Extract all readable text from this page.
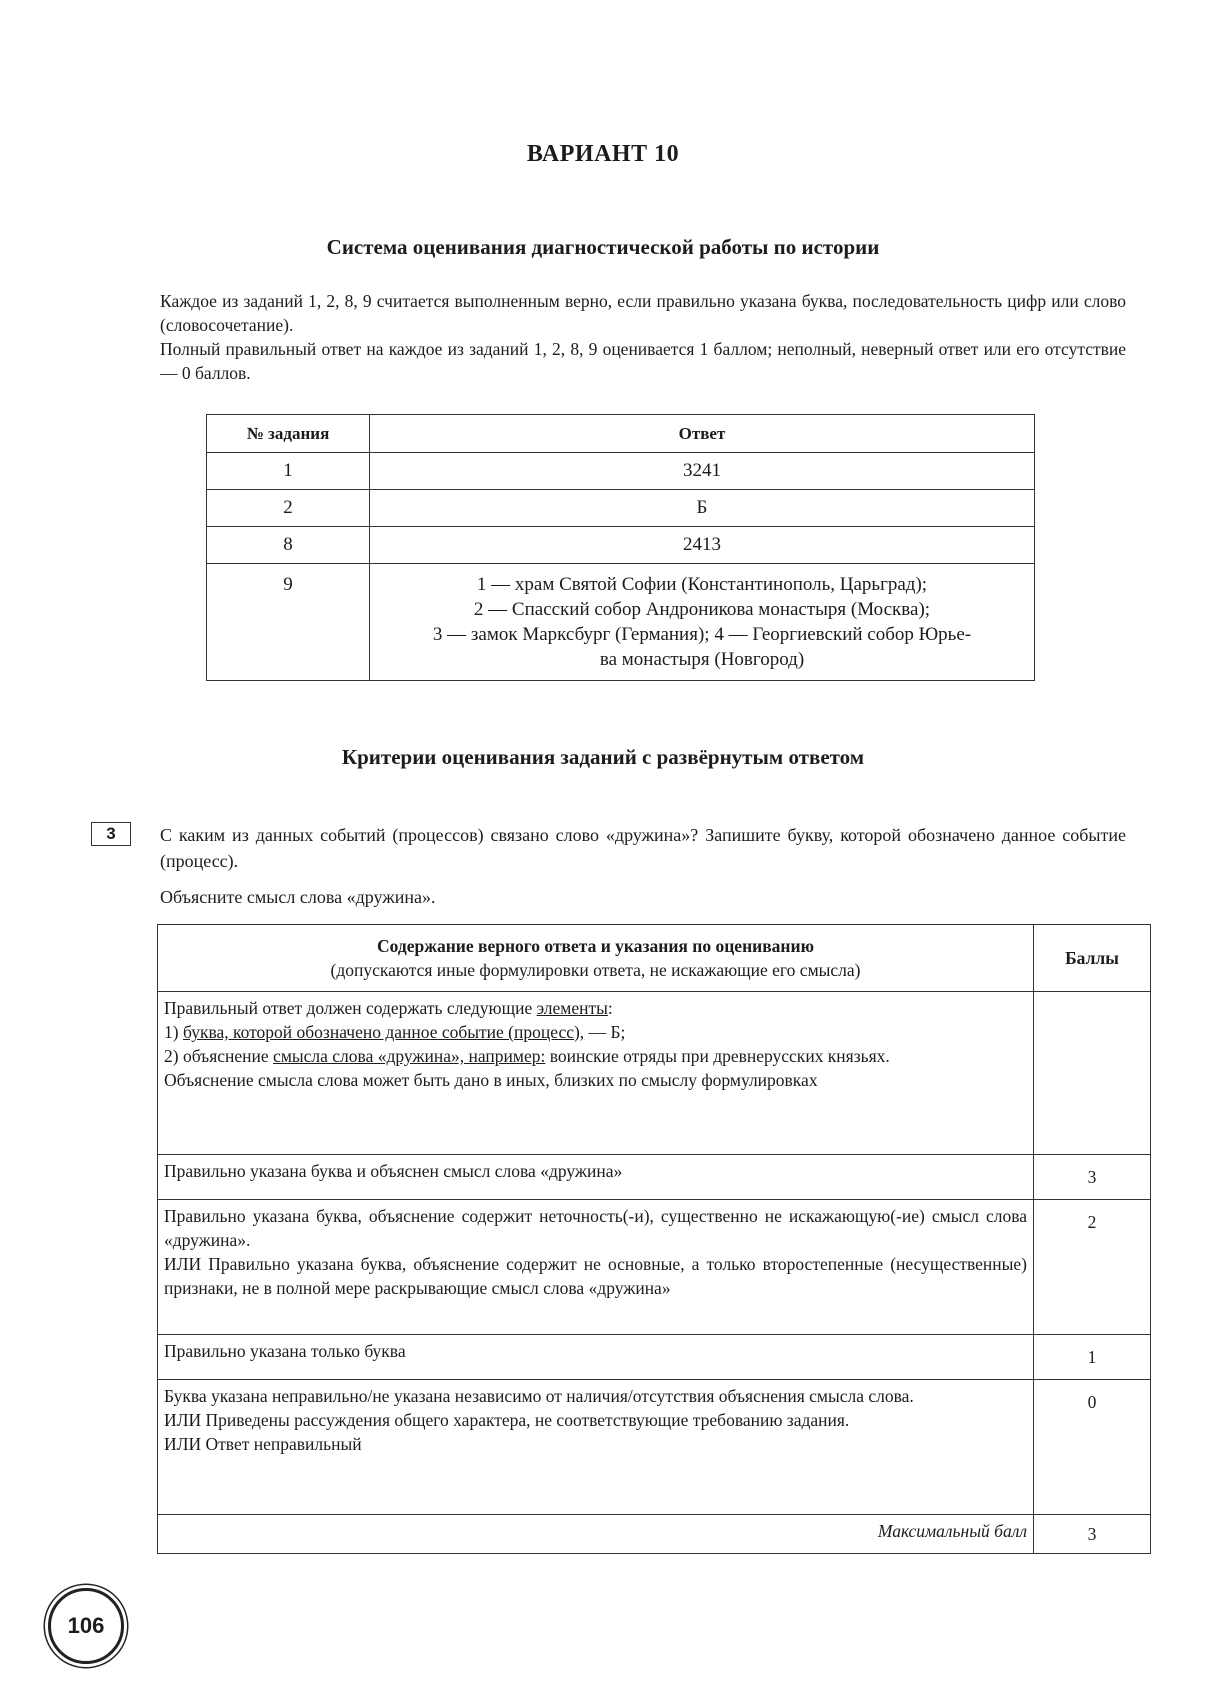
ВАРИАНТ 10
Система оценивания диагностической работы по истории

Каждое из заданий 1, 2, 8, 9 считается выполненным верно, если правильно указана буква, последовательность цифр или слово (словосочетание).

Полный правильный ответ на каждое из заданий 1, 2, 8, 9 оценивается 1 баллом; неполный, неверный ответ или его отсутствие — 0 баллов.

№ задания	Ответ
1	3241
2	Б
8	2413
9	1 — храм Святой Софии (Константинополь, Царьград);
2 — Спасский собор Андроникова монастыря (Москва);
3 — замок Марксбург (Германия); 4 — Георгиевский собор Юрье-
ва монастыря (Новгород)
Критерии оценивания заданий с развёрнутым ответом
3	С каким из данных событий (процессов) связано слово «дружина»? Запишите букву, которой обозначено данное событие (процесс).
Объясните смысл слова «дружина».
Содержание верного ответа и указания по оцениванию
(допускаются иные формулировки ответа, не искажающие его смысла)	Баллы

Правильный ответ должен содержать следующие элементы:
1) буква, которой обозначено данное событие (процесс), — Б;
2) объяснение смысла слова «дружина», например: воинские отряды при древнерусских князьях.
Объяснение смысла слова может быть дано в иных, близких по смыслу формулировках	

Правильно указана буква и объяснен смысл слова «дружина»	3

Правильно указана буква, объяснение содержит неточность(-и), существенно не искажающую(-ие) смысл слова «дружина».
ИЛИ Правильно указана буква, объяснение содержит не основные, а только второстепенные (несущественные) признаки, не в полной мере раскрывающие смысл слова «дружина»	2
Правильно указана только буква	1

Буква указана неправильно/не указана независимо от наличия/отсутствия объяснения смысла слова.
ИЛИ Приведены рассуждения общего характера, не соответствующие требованию задания.
ИЛИ Ответ неправильный	0
Максимальный балл	3
106
